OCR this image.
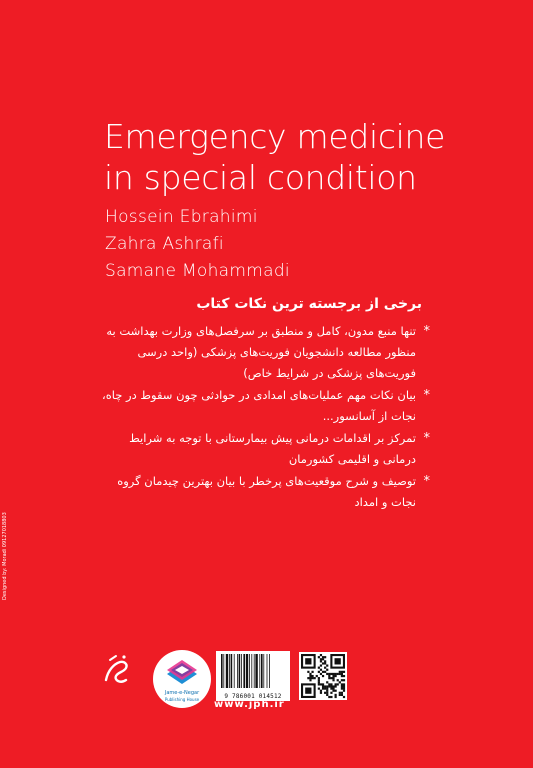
Emergency medicine
in special condition
Hossein Ebrahimi
Zahra Ashrafi
Samane Mohammadi
برخی از برجسته ترین نکات کتاب
*
تنها منبع مدون، کامل و منطبق بر سرفصل‌های وزارت بهداشت به منظور مطالعه دانشجویان فوریت‌های پزشکی (واحد درسی فوریت‌های پزشکی در شرایط خاص)
*
بیان نکات مهم عملیات‌های امدادی در حوادثی چون سقوط در چاه، نجات از آسانسور...
*
تمرکز بر اقدامات درمانی پیش بیمارستانی با توجه به شرایط درمانی و اقلیمی کشورمان
*
توصیف و شرح موقعیت‌های پرخطر با بیان بهترین چیدمان گروه نجات و امداد
Designed by: Moradi 09127018803
Jame-e-Negar
Publishing House	9 786001 014512
www.jph.ir
